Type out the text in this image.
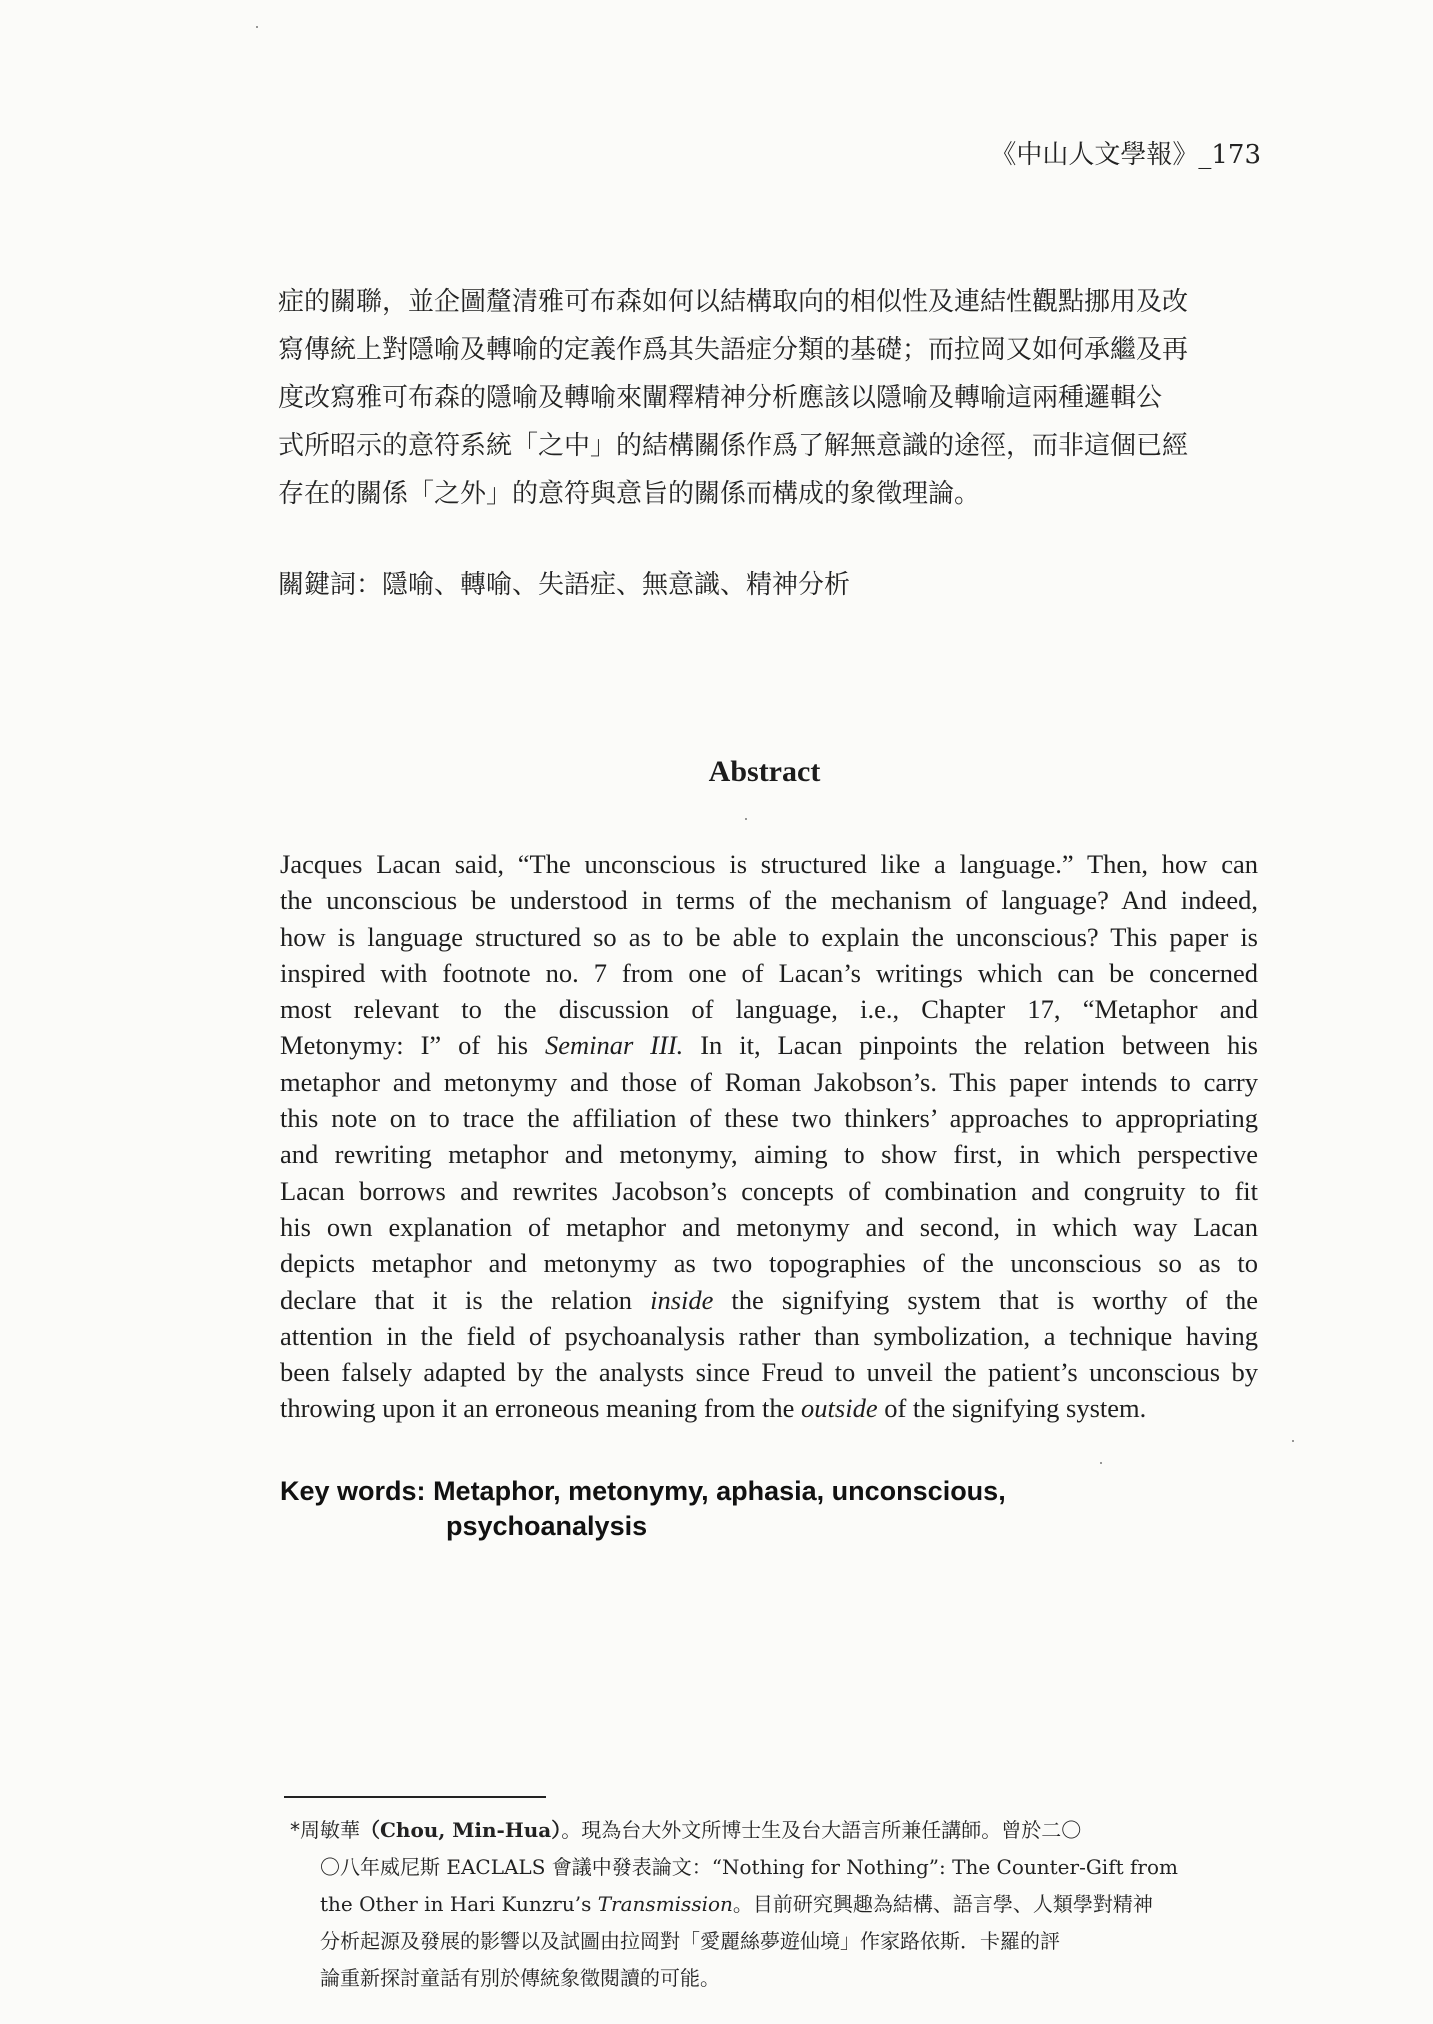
《中山人文學報》_173
症的關聯，並企圖釐清雅可布森如何以結構取向的相似性及連結性觀點挪用及改
寫傳統上對隱喻及轉喻的定義作爲其失語症分類的基礎；而拉岡又如何承繼及再
度改寫雅可布森的隱喻及轉喻來闡釋精神分析應該以隱喻及轉喻這兩種邏輯公
式所昭示的意符系統「之中」的結構關係作爲了解無意識的途徑，而非這個已經
存在的關係「之外」的意符與意旨的關係而構成的象徵理論。
關鍵詞：隱喻、轉喻、失語症、無意識、精神分析
Abstract
Jacques Lacan said, “The unconscious is structured like a language.” Then, how can
the unconscious be understood in terms of the mechanism of language? And indeed,
how is language structured so as to be able to explain the unconscious? This paper is
inspired with footnote no. 7 from one of Lacan’s writings which can be concerned
most relevant to the discussion of language, i.e., Chapter 17, “Metaphor and
Metonymy: I” of his Seminar III. In it, Lacan pinpoints the relation between his
metaphor and metonymy and those of Roman Jakobson’s. This paper intends to carry
this note on to trace the affiliation of these two thinkers’ approaches to appropriating
and rewriting metaphor and metonymy, aiming to show first, in which perspective
Lacan borrows and rewrites Jacobson’s concepts of combination and congruity to fit
his own explanation of metaphor and metonymy and second, in which way Lacan
depicts metaphor and metonymy as two topographies of the unconscious so as to
declare that it is the relation inside the signifying system that is worthy of the
attention in the field of psychoanalysis rather than symbolization, a technique having
been falsely adapted by the analysts since Freud to unveil the patient’s unconscious by
throwing upon it an erroneous meaning from the outside of the signifying system.
Key words: Metaphor, metonymy, aphasia, unconscious,
psychoanalysis
*周敏華（Chou, Min-Hua）。現為台大外文所博士生及台大語言所兼任講師。曾於二〇
〇八年威尼斯 EACLALS 會議中發表論文：“Nothing for Nothing”: The Counter-Gift from
the Other in Hari Kunzru’s Transmission。目前研究興趣為結構、語言學、人類學對精神
分析起源及發展的影響以及試圖由拉岡對「愛麗絲夢遊仙境」作家路依斯．卡羅的評
論重新探討童話有別於傳統象徵閱讀的可能。
